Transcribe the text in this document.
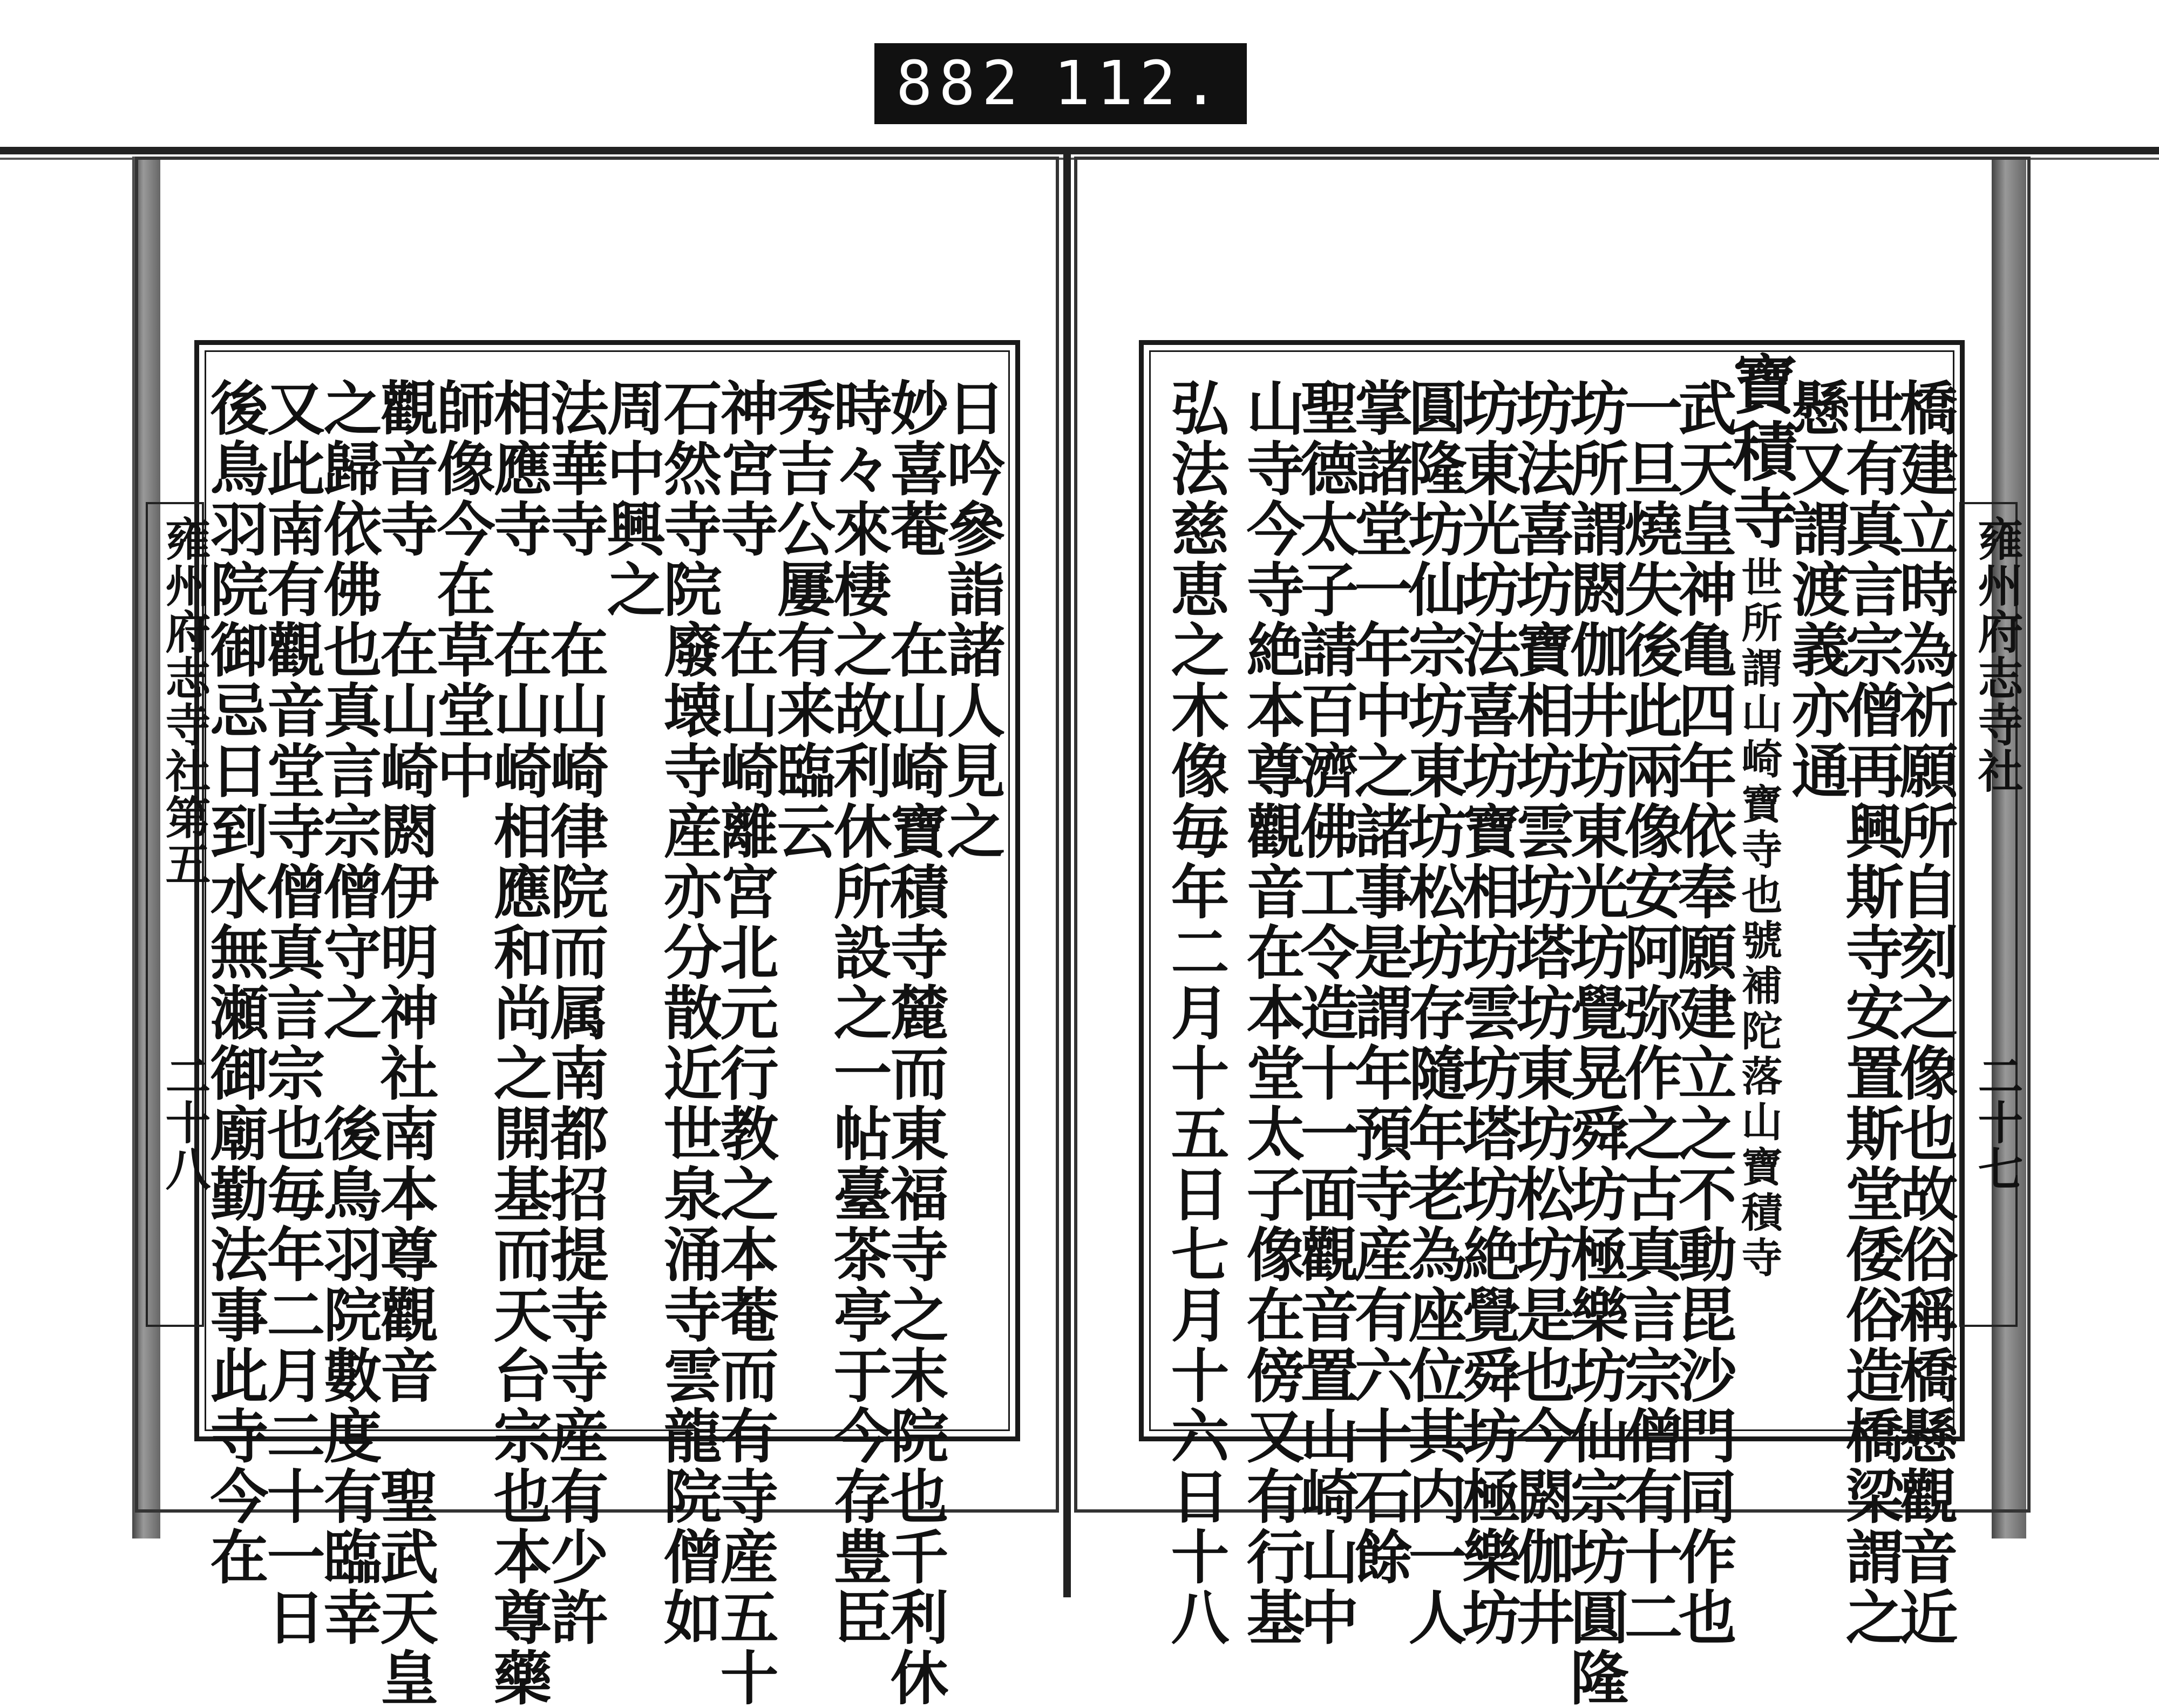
882 112.
雍州府志寺社第五
二十八
日吟參詣諸人見之
妙喜菴　在山崎寶積寺麓而東福寺之末院也千利休
時々來棲之故利休所設之一帖臺茶亭于今存豊臣
秀吉公屢有来臨云
神宮寺　在山崎離宮北元行教之本菴而有寺産五十
石然寺院廢壊寺産亦分散近世泉涌寺雲龍院僧如
周中興之
法華寺　在山崎律院而属南都招提寺寺産有少許
相應寺　在山崎相應和尚之開基而天台宗也本尊藥
師像今在草堂中
觀音寺　在山崎閼伊明神社南本尊觀音　聖武天皇
之歸依佛也真言宗僧守之　後鳥羽院數度有臨幸
又此南有觀音堂寺僧真言宗也毎年二月二十一日
後鳥羽院御忌日到水無瀬御廟勤法事此寺今在	雍州府志寺社
二十七
橋建立時為祈願所自刻之像也故俗稱橋懸觀音近
世有真言宗僧再興斯寺安置斯堂倭俗造橋梁謂之
懸又謂渡義亦通
寶積寺
世所謂山崎寶寺也號補陀落山寶積寺
武天皇神亀四年依奉願建立之不動毘沙門同作也
一旦燒失後此兩像安阿弥作之古真言宗僧有十二
坊所謂閼伽井坊東光坊覺晃舜坊極樂坊仙宗坊圓隆
坊法喜坊寶相坊雲坊塔坊東坊松坊是也今閼伽井
坊東光坊法喜坊寶相坊雲坊塔坊絶覺舜坊極樂坊
圓隆坊仙宗坊東坊松坊存隨年老為座位其内一人
掌諸堂一年中之諸事是謂年預寺産有六十石餘
聖德太子請百濟佛工令造十一面觀音置山崎山中
山寺今寺絶本尊觀音在本堂太子像在傍又有行基
弘法慈恵之木像毎年二月十五日七月十六日十八
